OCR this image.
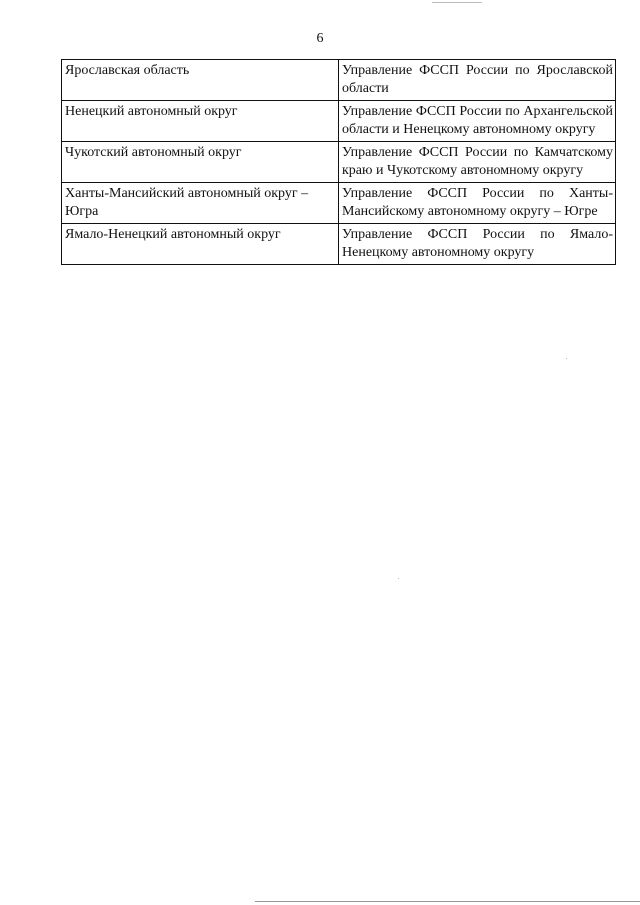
6
Ярославская область	Управление ФССП России по Ярославской области
Ненецкий автономный округ	Управление ФССП России по Архангельской области и Ненецкому автономному округу
Чукотский автономный округ	Управление ФССП России по Камчатскому краю и Чукотскому автономному округу
Ханты-Мансийский автономный округ – Югра	Управление ФССП России по Ханты-Мансийскому автономному округу – Югре
Ямало-Ненецкий автономный округ	Управление ФССП России по Ямало-Ненецкому автономному округу
